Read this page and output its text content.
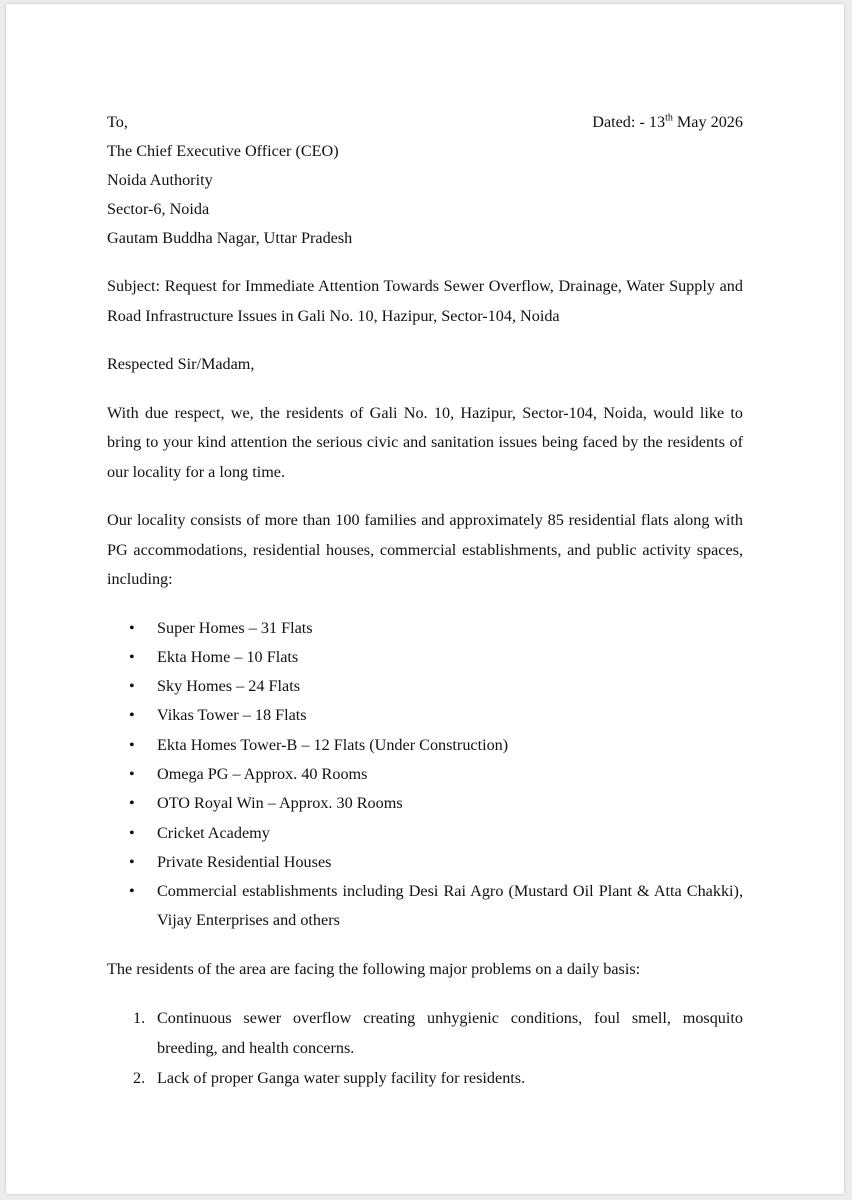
To,	Dated: - 13th May 2026
The Chief Executive Officer (CEO)
Noida Authority
Sector-6, Noida
Gautam Buddha Nagar, Uttar Pradesh
Subject: Request for Immediate Attention Towards Sewer Overflow, Drainage, Water Supply and Road Infrastructure Issues in Gali No. 10, Hazipur, Sector-104, Noida
Respected Sir/Madam,
With due respect, we, the residents of Gali No. 10, Hazipur, Sector-104, Noida, would like to bring to your kind attention the serious civic and sanitation issues being faced by the residents of our locality for a long time.
Our locality consists of more than 100 families and approximately 85 residential flats along with PG accommodations, residential houses, commercial establishments, and public activity spaces, including:
• Super Homes – 31 Flats
• Ekta Home – 10 Flats
• Sky Homes – 24 Flats
• Vikas Tower – 18 Flats
• Ekta Homes Tower-B – 12 Flats (Under Construction)
• Omega PG – Approx. 40 Rooms
• OTO Royal Win – Approx. 30 Rooms
• Cricket Academy
• Private Residential Houses
• Commercial establishments including Desi Rai Agro (Mustard Oil Plant & Atta Chakki), Vijay Enterprises and others
The residents of the area are facing the following major problems on a daily basis:
1. Continuous sewer overflow creating unhygienic conditions, foul smell, mosquito breeding, and health concerns.
2. Lack of proper Ganga water supply facility for residents.
